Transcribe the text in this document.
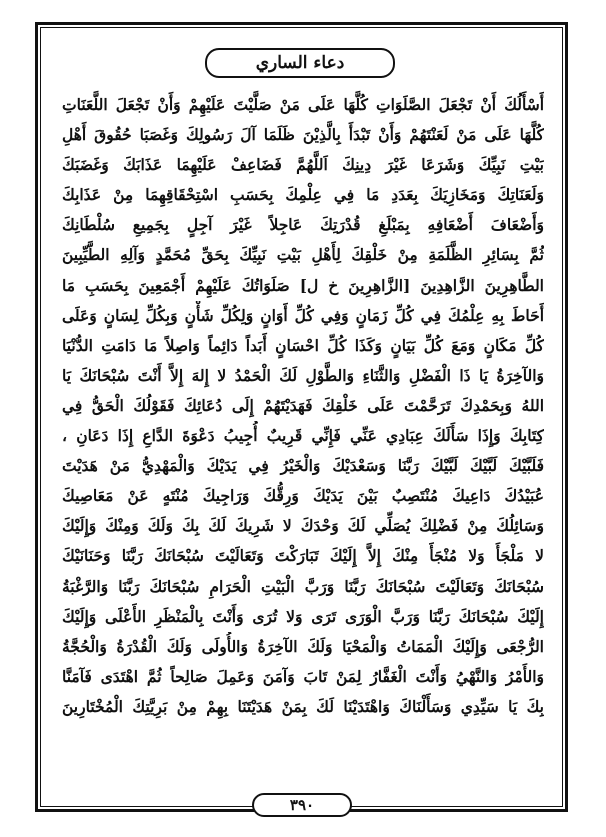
دعاء الساري
أَسْأَلُكَ أَنْ تَجْعَلَ الصَّلَوَاتِ كُلَّهَا عَلَى مَنْ صَلَّيْتَ عَلَيْهِمْ وَأَنْ تَجْعَلَ اللَّعَنَاتِ
كُلَّهَا عَلَى مَنْ لَعَنْتَهُمْ وَأَنْ تَبْدَأَ بِالَّذِيْنَ ظَلَمَا آلَ رَسُولِكَ وَغَصَبَا حُقُوقَ أَهْلِ
بَيْتِ نَبِيِّكَ وَشَرَعَا غَيْرَ دِينِكَ اَللَّهُمَّ فَضَاعِفْ عَلَيْهِمَا عَذَابَكَ وَغَضَبَكَ
وَلَعَنَاتِكَ وَمَخَازِيَكَ بِعَدَدِ مَا فِي عِلْمِكَ بِحَسَبِ اسْتِحْقَاقِهِمَا مِنْ عَذَابِكَ
وَأَضْعَافَ أَضْعَافِهِ بِمَبْلَغِ قُدْرَتِكَ عَاجِلاً غَيْرَ آجِلٍ بِجَمِيعِ سُلْطَانِكَ
ثُمَّ بِسَائِرِ الظَّلَمَةِ مِنْ خَلْقِكَ لِأَهْلِ بَيْتِ نَبِيِّكَ بِحَقِّ مُحَمَّدٍ وَآلِهِ الطَّيِّبِينَ
الطَّاهِرِينَ الزَّاهِدِينَ [الزَّاهِرِينَ خ ل] صَلَوَاتُكَ عَلَيْهِمْ أَجْمَعِينَ بِحَسَبِ مَا
أَحَاطَ بِهِ عِلْمُكَ فِي كُلِّ زَمَانٍ وَفِي كُلِّ أَوَانٍ وَلِكُلِّ شَأْنٍ وَبِكُلِّ لِسَانٍ وَعَلَى
كُلِّ مَكَانٍ وَمَعَ كُلِّ بَيَانٍ وَكَذَا كُلِّ احْسَانٍ أَبَداً دَائِماً وَاصِلاً مَا دَامَتِ الدُّنْيَا
وَالآخِرَةُ يَا ذَا الْفَضْلِ وَالثَّنَاءِ وَالطَّوْلِ لَكَ الْحَمْدُ لا إِلهَ إِلاَّ أَنْتَ سُبْحَانَكَ يَا
اللهُ وَبِحَمْدِكَ تَرَحَّمْتَ عَلَى خَلْقِكَ فَهَدَيْتَهُمْ إِلَى دُعَائِكَ فَقَوْلُكَ الْحَقُّ فِي
كِتَابِكَ وَإِذَا سَأَلَكَ عِبَادِي عَنِّي فَإِنِّي قَرِيبٌ أُجِيبُ دَعْوَةَ الدَّاعِ إِذَا دَعَانِ ،
فَلَبَّيْكَ لَبَّيْكَ لَبَّيْكَ رَبَّنَا وَسَعْدَيْكَ وَالْخَيْرُ فِي يَدَيْكَ وَالْمَهْدِيُّ مَنْ هَدَيْتَ
عُبَيْدُكَ دَاعِيكَ مُنْتَصِبٌ بَيْنَ يَدَيْكَ وَرِقُّكَ وَرَاجِيكَ مُنْتَهٍ عَنْ مَعَاصِيكَ
وَسَائِلُكَ مِنْ فَضْلِكَ يُصَلِّي لَكَ وَحْدَكَ لا شَرِيكَ لَكَ بِكَ وَلَكَ وَمِنْكَ وَإِلَيْكَ
لا مَلْجَأَ وَلا مُنْجَأَ مِنْكَ إِلاَّ إِلَيْكَ تَبَارَكْتَ وَتَعَالَيْتَ سُبْحَانَكَ رَبَّنَا وَحَنَانَيْكَ
سُبْحَانَكَ وَتَعَالَيْتَ سُبْحَانَكَ رَبَّنَا وَرَبَّ الْبَيْتِ الْحَرَامِ سُبْحَانَكَ رَبَّنَا وَالرَّغْبَةُ
إِلَيْكَ سُبْحَانَكَ رَبَّنَا وَرَبَّ الْوَرَى تَرَى وَلا تُرَى وَأَنْتَ بِالْمَنْظَرِ الأَعْلَى وَإِلَيْكَ
الرُّجْعَى وَإِلَيْكَ الْمَمَاتُ وَالْمَحْيَا وَلَكَ الآخِرَةُ وَالأُولَى وَلَكَ الْقُدْرَةُ وَالْحُجَّةُ
وَالأَمْرُ وَالنَّهْيُ وَأَنْتَ الْغَفَّارُ لِمَنْ تَابَ وَآمَنَ وَعَمِلَ صَالِحاً ثُمَّ اهْتَدَى فَآمَنَّا
بِكَ يَا سَيِّدِي وَسَأَلْنَاكَ وَاهْتَدَيْنَا لَكَ بِمَنْ هَدَيْتَنَا بِهِمْ مِنْ بَرِيَّتِكَ الْمُخْتَارِينَ
٣٩٠
